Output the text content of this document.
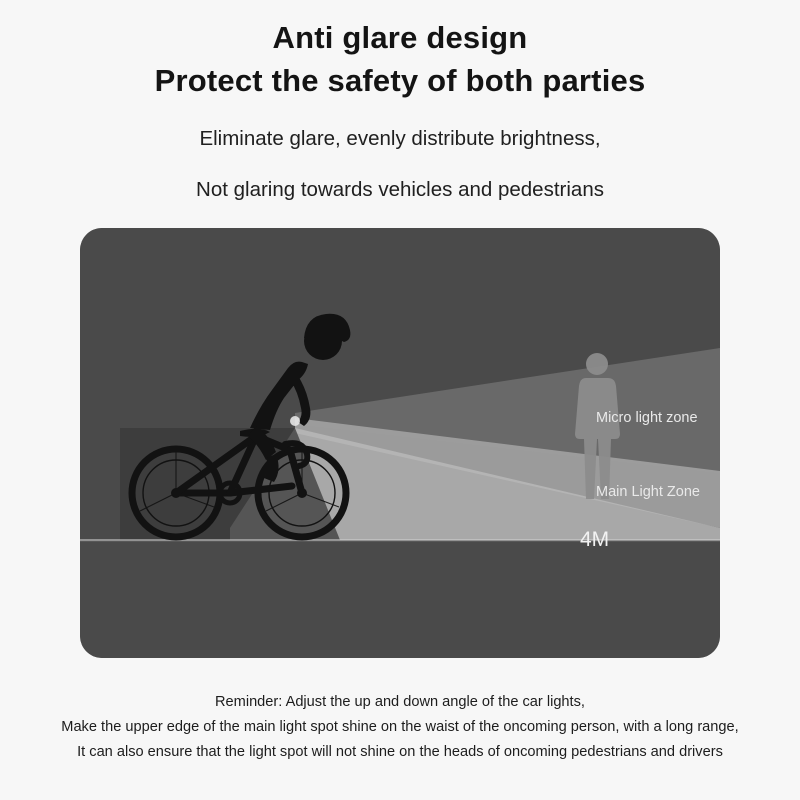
Anti glare design
Protect the safety of both parties
Eliminate glare, evenly distribute brightness,
Not glaring towards vehicles and pedestrians
Micro light zone
Main Light Zone
4M
Reminder: Adjust the up and down angle of the car lights,
Make the upper edge of the main light spot shine on the waist of the oncoming person, with a long range,
It can also ensure that the light spot will not shine on the heads of oncoming pedestrians and drivers
